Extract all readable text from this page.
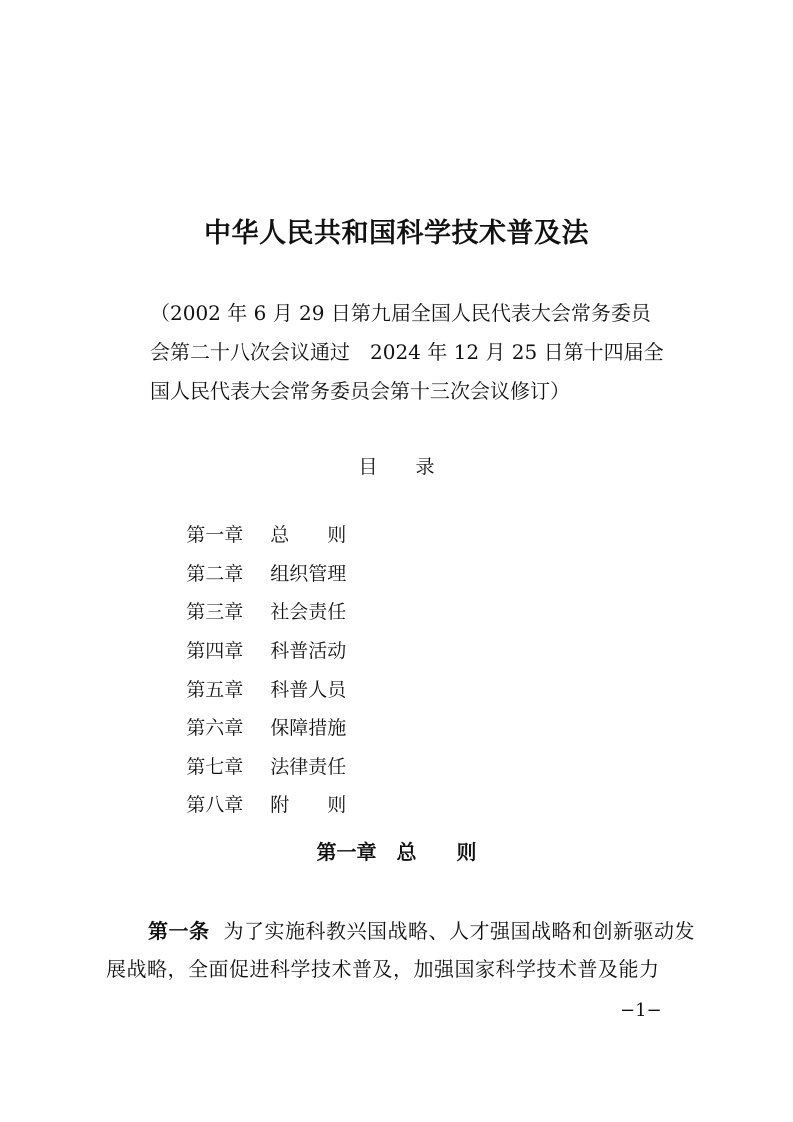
中华人民共和国科学技术普及法
（2002 年 6 月 29 日第九届全国人民代表大会常务委员
会第二十八次会议通过　2024 年 12 月 25 日第十四届全
国人民代表大会常务委员会第十三次会议修订）
目　　录

第一章 总　　则

第二章 组织管理

第三章 社会责任

第四章 科普活动

第五章 科普人员

第六章 保障措施

第七章 法律责任

第八章 附　　则

第一章　总　　则

第一条 为了实施科教兴国战略、人才强国战略和创新驱动发展战略，全面促进科学技术普及，加强国家科学技术普及能力

−1−
